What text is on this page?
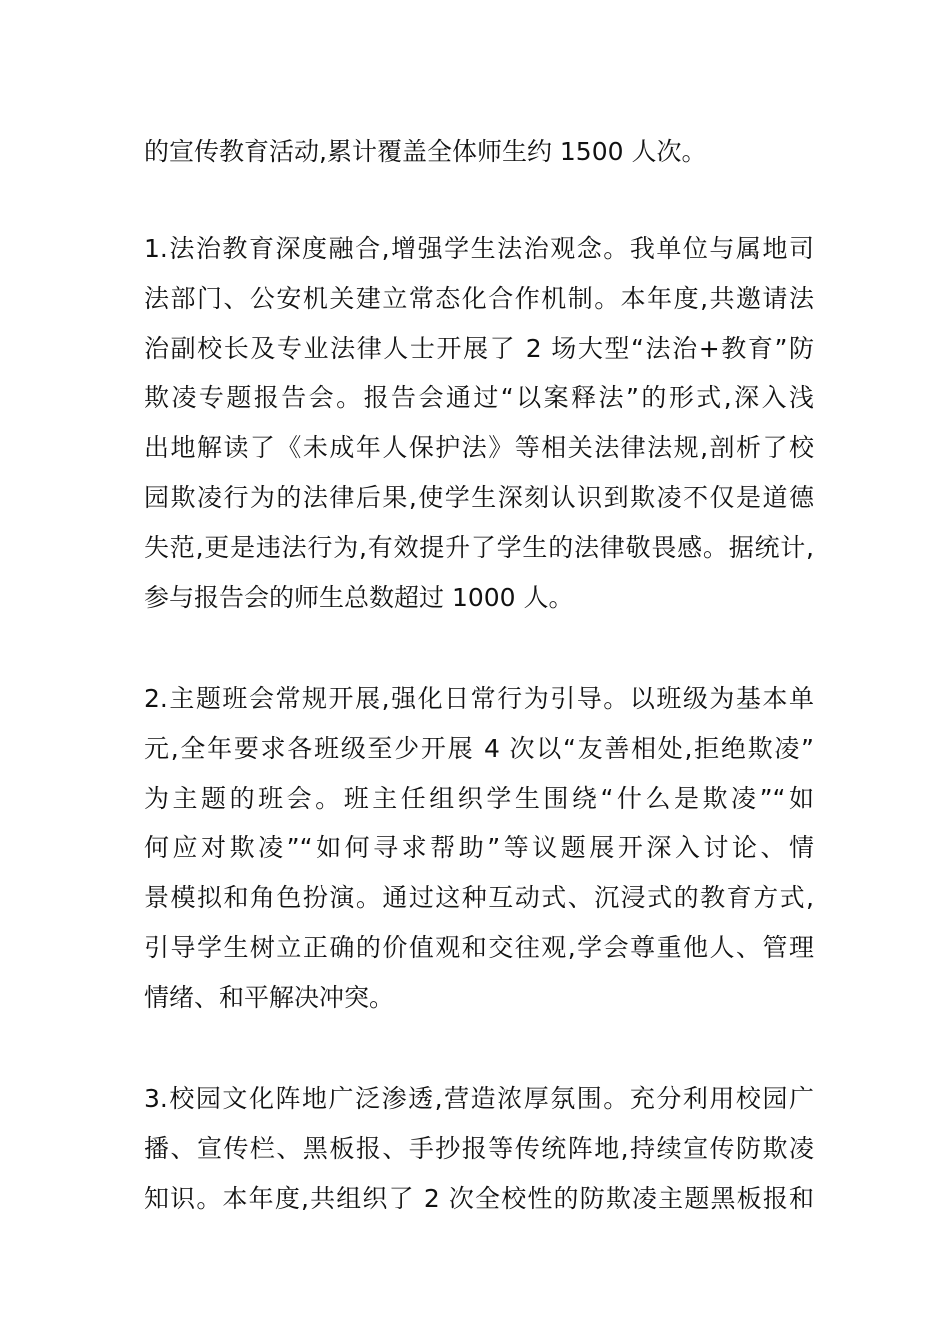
的宣传教育活动,累计覆盖全体师生约 1500 人次。

1.法治教育深度融合,增强学生法治观念。我单位与属地司
法部门、公安机关建立常态化合作机制。本年度,共邀请法
治副校长及专业法律人士开展了 2 场大型“法治+教育”防
欺凌专题报告会。报告会通过“以案释法”的形式,深入浅
出地解读了《未成年人保护法》等相关法律法规,剖析了校
园欺凌行为的法律后果,使学生深刻认识到欺凌不仅是道德
失范,更是违法行为,有效提升了学生的法律敬畏感。据统计,
参与报告会的师生总数超过 1000 人。

2.主题班会常规开展,强化日常行为引导。以班级为基本单
元,全年要求各班级至少开展 4 次以“友善相处,拒绝欺凌”
为主题的班会。班主任组织学生围绕“什么是欺凌”“如
何应对欺凌”“如何寻求帮助”等议题展开深入讨论、情
景模拟和角色扮演。通过这种互动式、沉浸式的教育方式,
引导学生树立正确的价值观和交往观,学会尊重他人、管理
情绪、和平解决冲突。

3.校园文化阵地广泛渗透,营造浓厚氛围。充分利用校园广
播、宣传栏、黑板报、手抄报等传统阵地,持续宣传防欺凌
知识。本年度,共组织了 2 次全校性的防欺凌主题黑板报和
